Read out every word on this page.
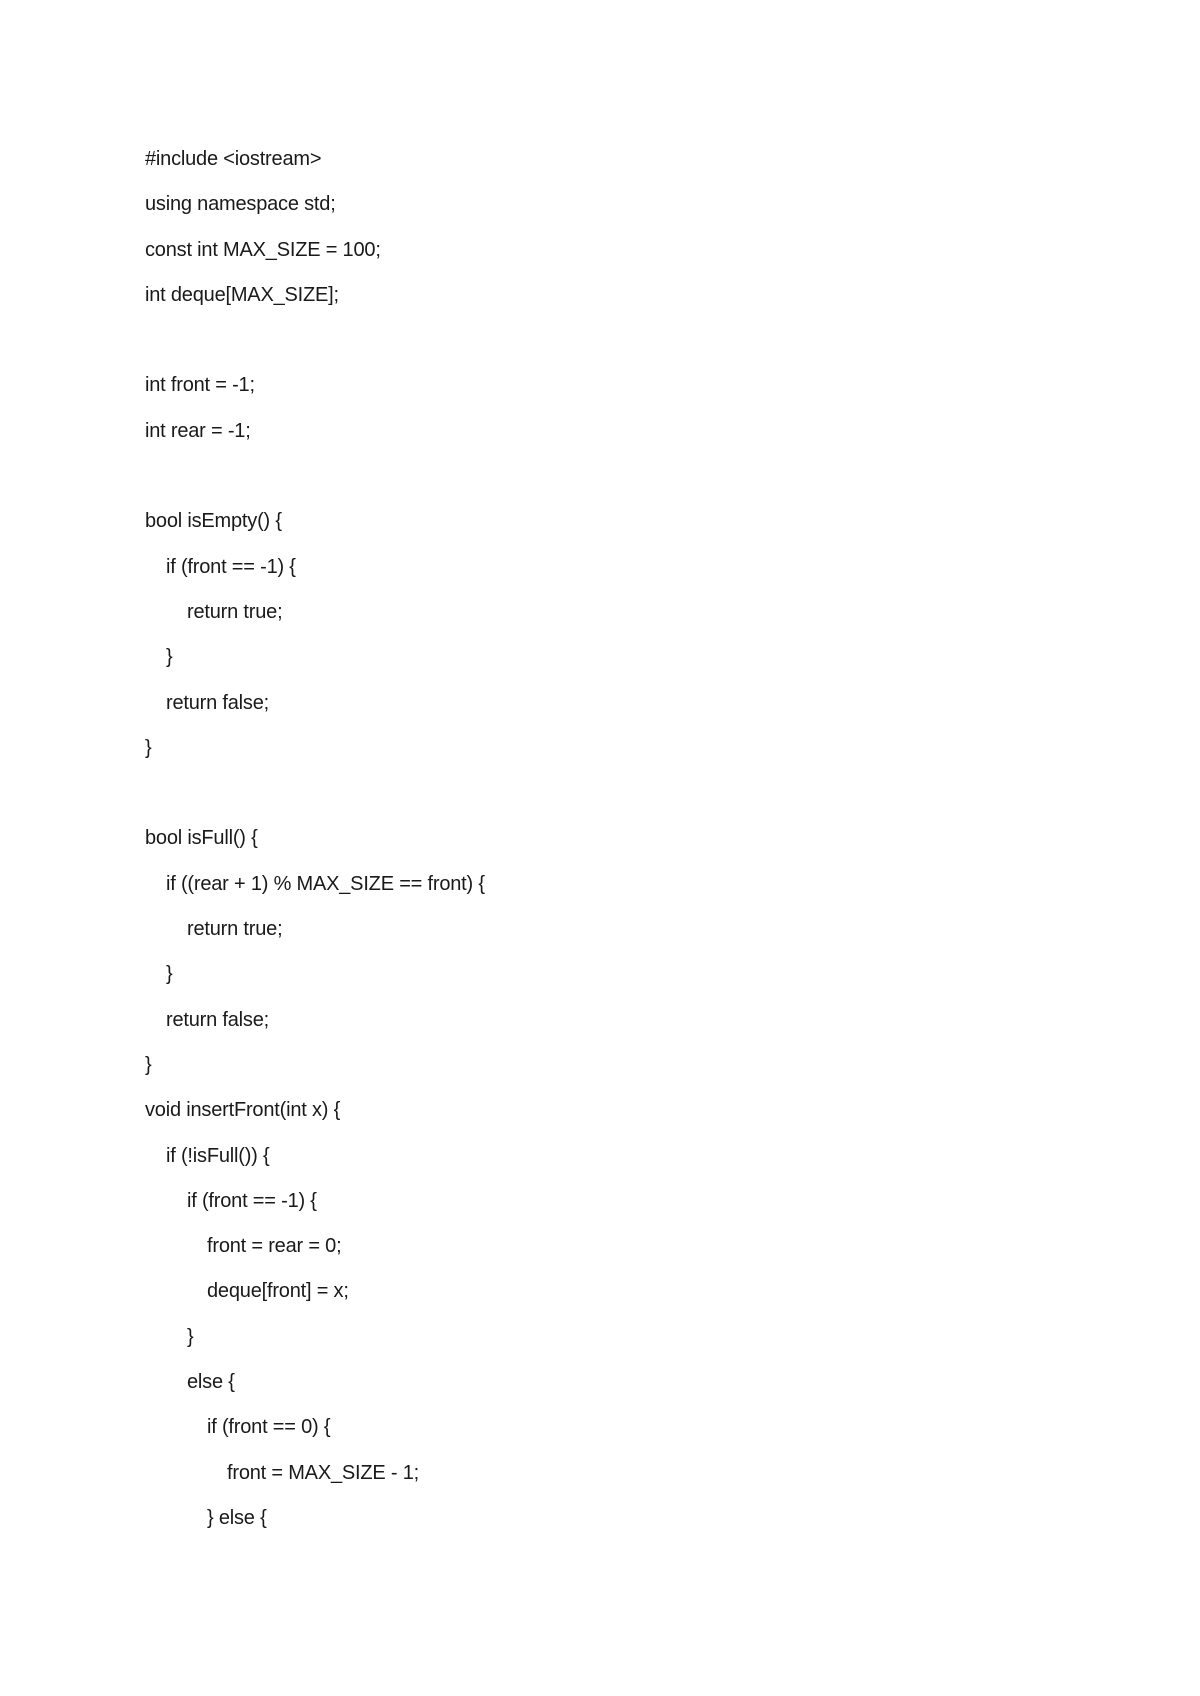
#include <iostream>
using namespace std;
const int MAX_SIZE = 100;
int deque[MAX_SIZE];
int front = -1;
int rear = -1;
bool isEmpty() {
if (front == -1) {
return true;
}
return false;
}
bool isFull() {
if ((rear + 1) % MAX_SIZE == front) {
return true;
}
return false;
}
void insertFront(int x) {
if (!isFull()) {
if (front == -1) {
front = rear = 0;
deque[front] = x;
}
else {
if (front == 0) {
front = MAX_SIZE - 1;
} else {
